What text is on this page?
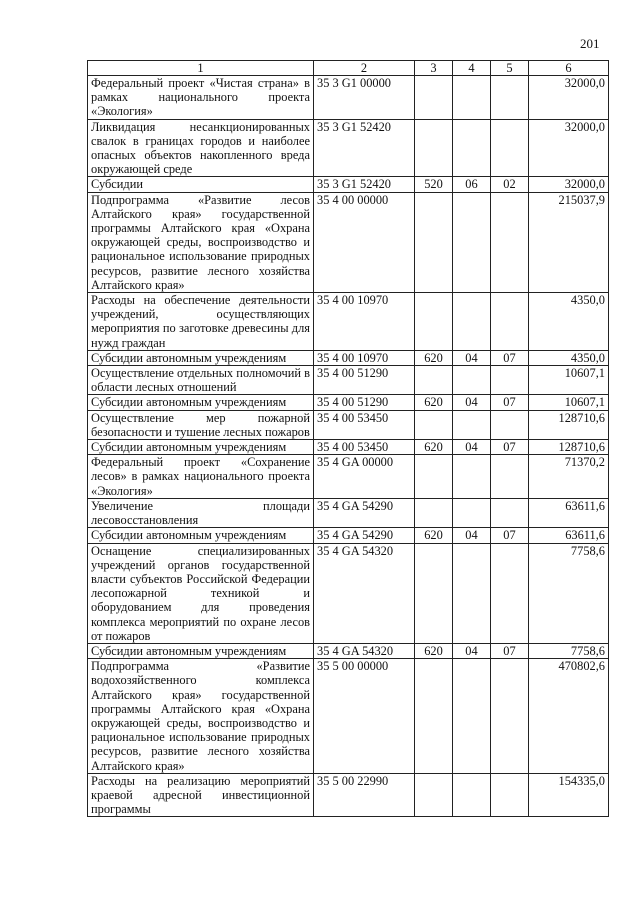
201
1	2	3	4	5	6
Федеральный проект «Чистая страна» в рамках национального проекта «Экология»	35 3 G1 00000				32000,0
Ликвидация несанкционированных свалок в границах городов и наиболее опасных объектов накопленного вреда окружающей среде	35 3 G1 52420				32000,0
Субсидии	35 3 G1 52420	520	06	02	32000,0
Подпрограмма «Развитие лесов Алтайского края» государственной программы Алтайского края «Охрана окружающей среды, воспроизводство и рациональное использование природных ресурсов, развитие лесного хозяйства Алтайского края»	35 4 00 00000				215037,9
Расходы на обеспечение деятельности учреждений, осуществляющих мероприятия по заготовке древесины для нужд граждан	35 4 00 10970				4350,0
Субсидии автономным учреждениям	35 4 00 10970	620	04	07	4350,0
Осуществление отдельных полномочий в области лесных отношений	35 4 00 51290				10607,1
Субсидии автономным учреждениям	35 4 00 51290	620	04	07	10607,1
Осуществление мер пожарной безопасности и тушение лесных пожаров	35 4 00 53450				128710,6
Субсидии автономным учреждениям	35 4 00 53450	620	04	07	128710,6
Федеральный проект «Сохранение лесов» в рамках национального проекта «Экология»	35 4 GA 00000				71370,2
Увеличение площади лесовосстановления	35 4 GA 54290				63611,6
Субсидии автономным учреждениям	35 4 GA 54290	620	04	07	63611,6
Оснащение специализированных учреждений органов государственной власти субъектов Российской Федерации лесопожарной техникой и оборудованием для проведения комплекса мероприятий по охране лесов от пожаров	35 4 GA 54320				7758,6
Субсидии автономным учреждениям	35 4 GA 54320	620	04	07	7758,6
Подпрограмма «Развитие водохозяйственного комплекса Алтайского края» государственной программы Алтайского края «Охрана окружающей среды, воспроизводство и рациональное использование природных ресурсов, развитие лесного хозяйства Алтайского края»	35 5 00 00000				470802,6
Расходы на реализацию мероприятий краевой адресной инвестиционной программы	35 5 00 22990				154335,0
